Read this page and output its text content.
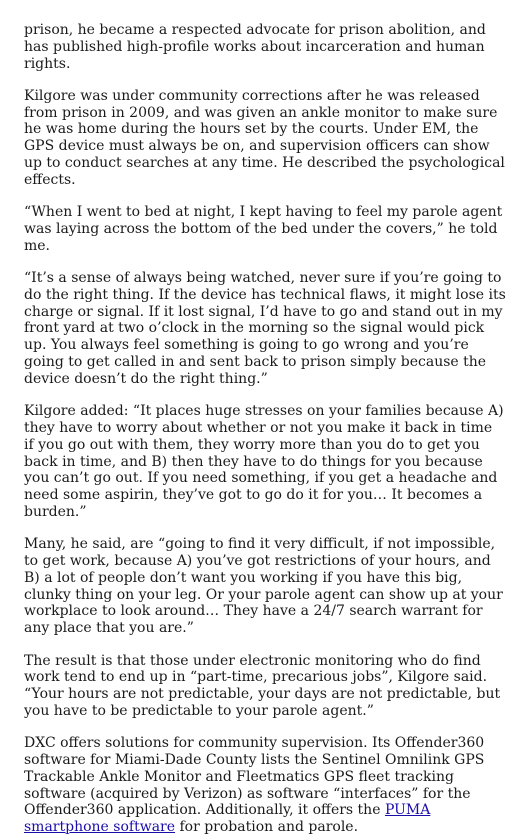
prison, he became a respected advocate for prison abolition, and has published high-profile works about incarceration and human rights.

Kilgore was under community corrections after he was released from prison in 2009, and was given an ankle monitor to make sure he was home during the hours set by the courts. Under EM, the GPS device must always be on, and supervision officers can show up to conduct searches at any time. He described the psychological effects.

“When I went to bed at night, I kept having to feel my parole agent was laying across the bottom of the bed under the covers,” he told me.

“It’s a sense of always being watched, never sure if you’re going to do the right thing. If the device has technical flaws, it might lose its charge or signal. If it lost signal, I’d have to go and stand out in my front yard at two o’clock in the morning so the signal would pick up. You always feel something is going to go wrong and you’re going to get called in and sent back to prison simply because the device doesn’t do the right thing.”

Kilgore added: “It places huge stresses on your families because A) they have to worry about whether or not you make it back in time if you go out with them, they worry more than you do to get you back in time, and B) then they have to do things for you because you can’t go out. If you need something, if you get a headache and need some aspirin, they’ve got to go do it for you… It becomes a burden.”

Many, he said, are “going to find it very difficult, if not impossible, to get work, because A) you’ve got restrictions of your hours, and B) a lot of people don’t want you working if you have this big, clunky thing on your leg. Or your parole agent can show up at your workplace to look around… They have a 24/7 search warrant for any place that you are.”

The result is that those under electronic monitoring who do find work tend to end up in “part-time, precarious jobs”, Kilgore said. “Your hours are not predictable, your days are not predictable, but you have to be predictable to your parole agent.”

DXC offers solutions for community supervision. Its Offender360 software for Miami-Dade County lists the Sentinel Omnilink GPS Trackable Ankle Monitor and Fleetmatics GPS fleet tracking software (acquired by Verizon) as software “interfaces” for the Offender360 application. Additionally, it offers the PUMA smartphone software for probation and parole.
